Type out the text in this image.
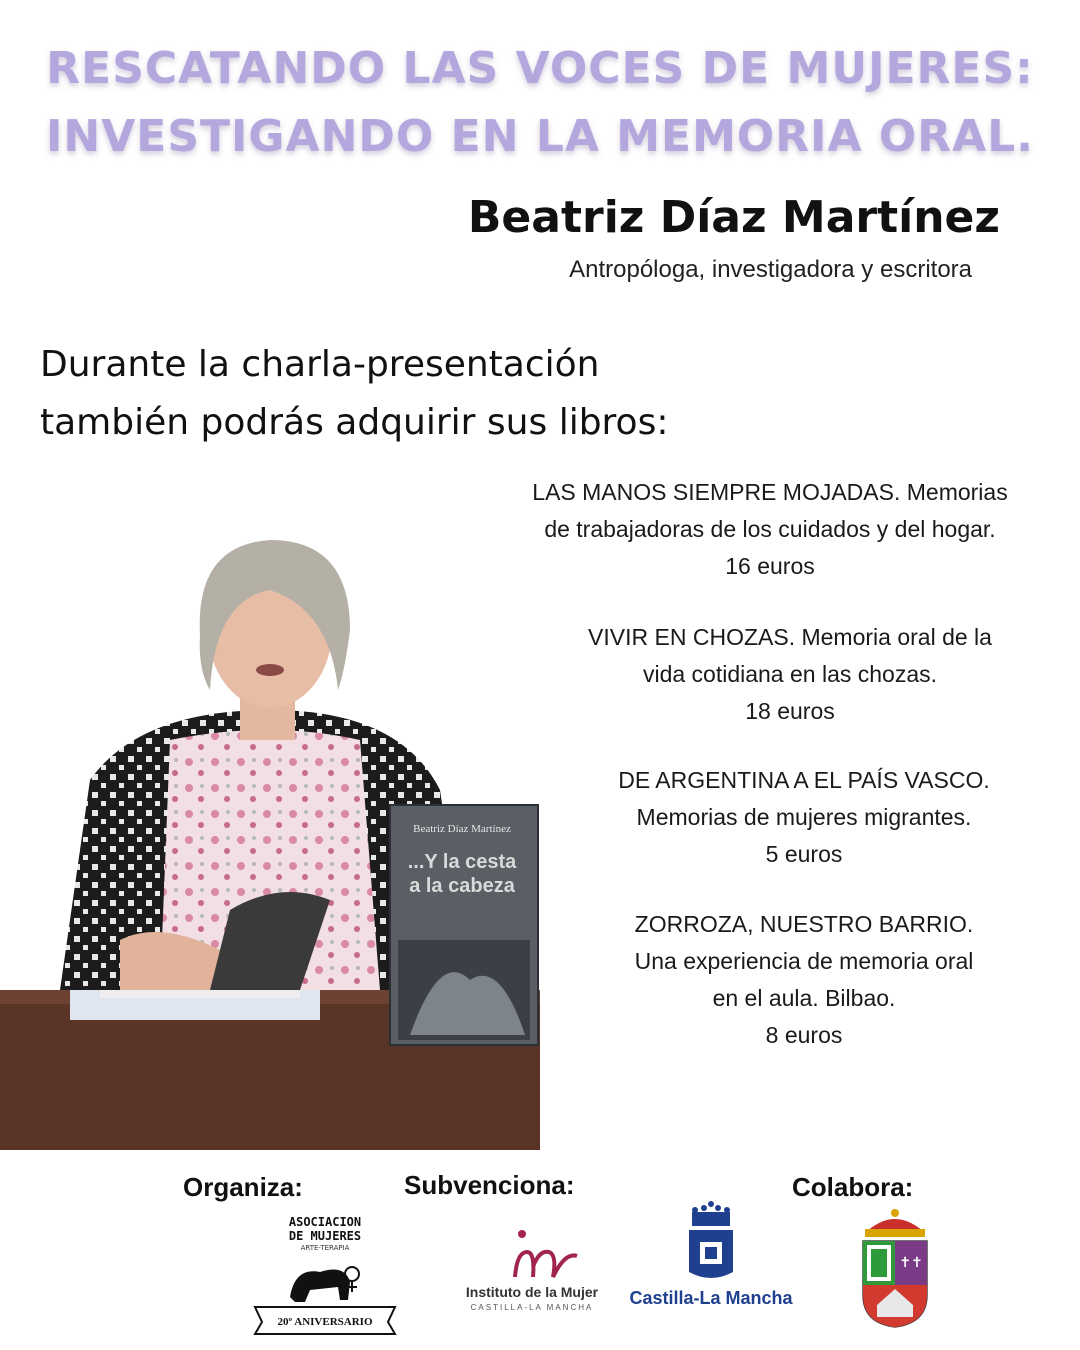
RESCATANDO LAS VOCES DE MUJERES:
INVESTIGANDO EN LA MEMORIA ORAL.
Beatriz Díaz Martínez
Antropóloga, investigadora y escritora
Durante la charla-presentación
también podrás adquirir sus libros:
LAS MANOS SIEMPRE MOJADAS. Memorias
de trabajadoras de los cuidados y del hogar.
16 euros
VIVIR EN CHOZAS. Memoria oral de la
vida cotidiana en las chozas.
18 euros
DE ARGENTINA A EL PAÍS VASCO.
Memorias de mujeres migrantes.
5 euros
ZORROZA, NUESTRO BARRIO.
Una experiencia de memoria oral
en el aula. Bilbao.
8 euros
Beatriz Díaz Martínez
...Y la cesta
a la cabeza
Organiza:	Subvenciona:	Colabora:
ASOCIACION
DE MUJERES
ARTE-TERAPIA
20º ANIVERSARIO
Instituto de la Mujer
CASTILLA-LA MANCHA Castilla-La Mancha
✝✝
